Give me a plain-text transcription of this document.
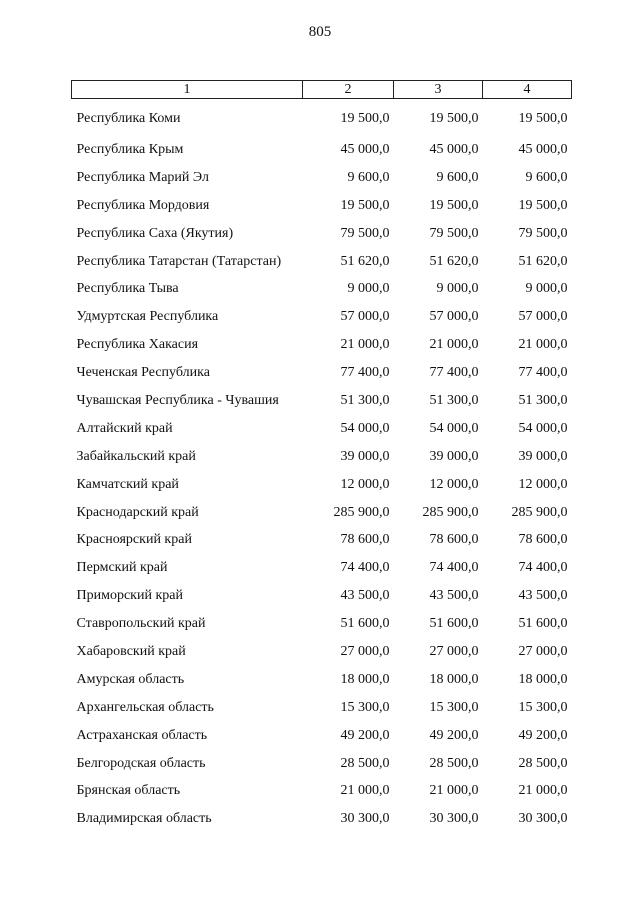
805
1	2	3	4
Республика Коми	19 500,0	19 500,0	19 500,0
Республика Крым	45 000,0	45 000,0	45 000,0
Республика Марий Эл	9 600,0	9 600,0	9 600,0
Республика Мордовия	19 500,0	19 500,0	19 500,0
Республика Саха (Якутия)	79 500,0	79 500,0	79 500,0
Республика Татарстан (Татарстан)	51 620,0	51 620,0	51 620,0
Республика Тыва	9 000,0	9 000,0	9 000,0
Удмуртская Республика	57 000,0	57 000,0	57 000,0
Республика Хакасия	21 000,0	21 000,0	21 000,0
Чеченская Республика	77 400,0	77 400,0	77 400,0
Чувашская Республика - Чувашия	51 300,0	51 300,0	51 300,0
Алтайский край	54 000,0	54 000,0	54 000,0
Забайкальский край	39 000,0	39 000,0	39 000,0
Камчатский край	12 000,0	12 000,0	12 000,0
Краснодарский край	285 900,0	285 900,0	285 900,0
Красноярский край	78 600,0	78 600,0	78 600,0
Пермский край	74 400,0	74 400,0	74 400,0
Приморский край	43 500,0	43 500,0	43 500,0
Ставропольский край	51 600,0	51 600,0	51 600,0
Хабаровский край	27 000,0	27 000,0	27 000,0
Амурская область	18 000,0	18 000,0	18 000,0
Архангельская область	15 300,0	15 300,0	15 300,0
Астраханская область	49 200,0	49 200,0	49 200,0
Белгородская область	28 500,0	28 500,0	28 500,0
Брянская область	21 000,0	21 000,0	21 000,0
Владимирская область	30 300,0	30 300,0	30 300,0
